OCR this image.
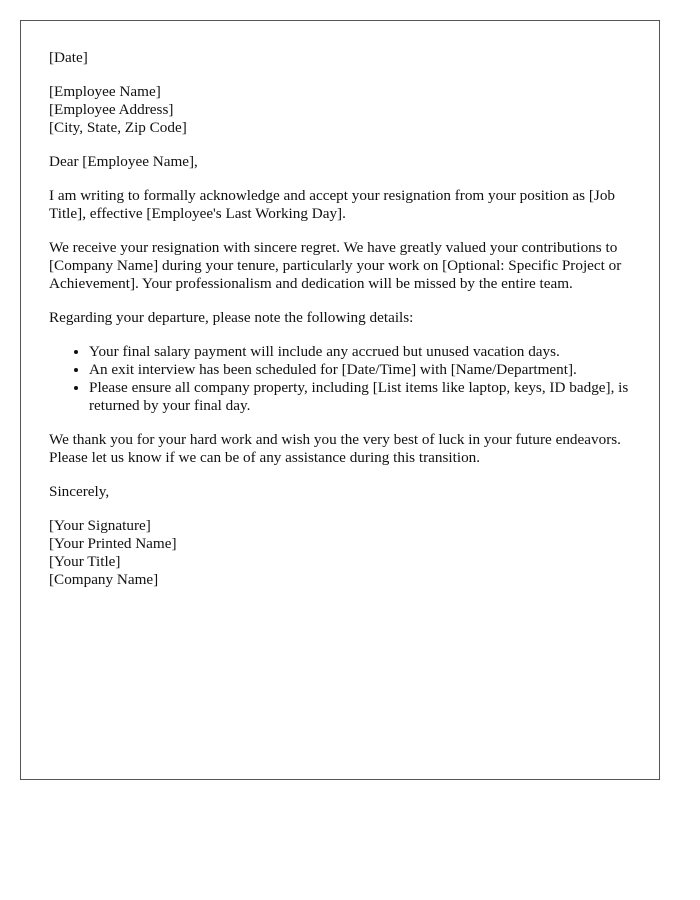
[Date]

[Employee Name]
[Employee Address]
[City, State, Zip Code]

Dear [Employee Name],

I am writing to formally acknowledge and accept your resignation from your position as [Job Title], effective [Employee's Last Working Day].

We receive your resignation with sincere regret. We have greatly valued your contributions to [Company Name] during your tenure, particularly your work on [Optional: Specific Project or Achievement]. Your professionalism and dedication will be missed by the entire team.

Regarding your departure, please note the following details:

• Your final salary payment will include any accrued but unused vacation days.
• An exit interview has been scheduled for [Date/Time] with [Name/Department].
• Please ensure all company property, including [List items like laptop, keys, ID badge], is returned by your final day.

We thank you for your hard work and wish you the very best of luck in your future endeavors. Please let us know if we can be of any assistance during this transition.

Sincerely,

[Your Signature]
[Your Printed Name]
[Your Title]
[Company Name]
